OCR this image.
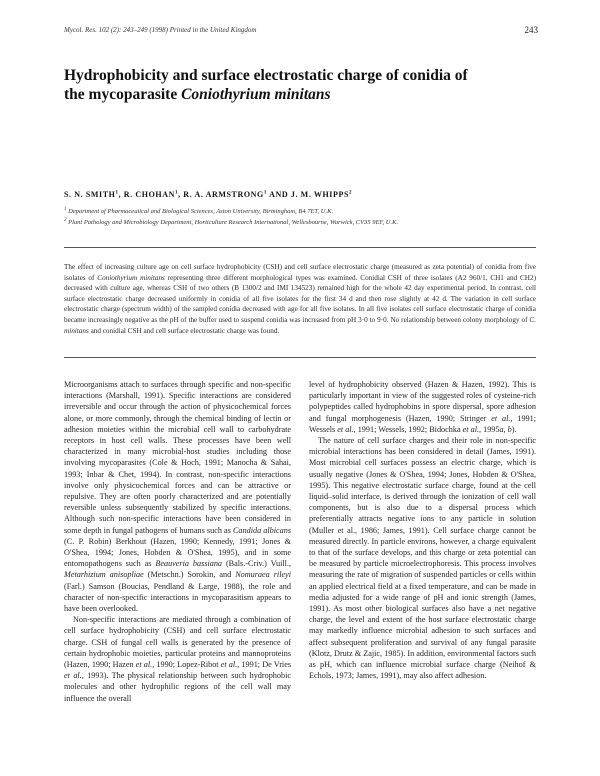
Mycol. Res. 102 (2): 243–249 (1998) Printed in the United Kingdom	243
Hydrophobicity and surface electrostatic charge of conidia of
the mycoparasite Coniothyrium minitans
S. N. SMITH$^1$, R. CHOHAN$^1$, R. A. ARMSTRONG$^1$ AND J. M. WHIPPS$^2$
$^1$ Department of Pharmaceutical and Biological Sciences, Aston University, Birmingham, B4 7ET, U.K.
$^2$ Plant Pathology and Microbiology Department, Horticulture Research International, Wellesbourne, Warwick, CV35 9EF, U.K.
The effect of increasing culture age on cell surface hydrophobicity (CSH) and cell surface electrostatic charge (measured as zeta potential) of conidia from five isolates of Coniothyrium minitans representing three different morphological types was examined. Conidial CSH of three isolates (A2 960/1, CH1 and CH2) decreased with culture age, whereas CSH of two others (B 1300/2 and IMI 134523) remained high for the whole 42 day experimental period. In contrast, cell surface electrostatic charge decreased uniformly in conidia of all five isolates for the first 34 d and then rose slightly at 42 d. The variation in cell surface electrostatic charge (spectrum width) of the sampled conidia decreased with age for all five isolates. In all five isolates cell surface electrostatic charge of conidia became increasingly negative as the pH of the buffer used to suspend conidia was increased from pH 3·0 to 9·0. No relationship between colony morphology of C. minitans and conidial CSH and cell surface electrostatic charge was found.

Microorganisms attach to surfaces through specific and non-specific interactions (Marshall, 1991). Specific interactions are considered irreversible and occur through the action of physicochemical forces alone, or more commonly, through the chemical binding of lectin or adhesion moieties within the microbial cell wall to carbohydrate receptors in host cell walls. These processes have been well characterized in many microbial-host studies including those involving mycoparasites (Cole & Hoch, 1991; Manocha & Sahai, 1993; Inbar & Chet, 1994). In contrast, non-specific interactions involve only physicochemical forces and can be attractive or repulsive. They are often poorly characterized and are potentially reversible unless subsequently stabilized by specific interactions. Although such non-specific interactions have been considered in some depth in fungal pathogens of humans such as Candida albicans (C. P. Robin) Berkhout (Hazen, 1990; Kennedy, 1991; Jones & O'Shea, 1994; Jones, Hobden & O'Shea, 1995), and in some entomopathogens such as Beauveria bassiana (Bals.-Criv.) Vuill., Metarhizium anisopliae (Metschn.) Sorokin, and Nomuraea rileyi (Farl.) Samson (Boucias, Pendland & Large, 1988), the role and character of non-specific interactions in mycoparasitism appears to have been overlooked.

Non-specific interactions are mediated through a combination of cell surface hydrophobicity (CSH) and cell surface electrostatic charge. CSH of fungal cell walls is generated by the presence of certain hydrophobic moieties, particular proteins and mannoproteins (Hazen, 1990; Hazen et al., 1990; Lopez-Ribot et al., 1991; De Vries et al., 1993). The physical relationship between such hydrophobic molecules and other hydrophilic regions of the cell wall may influence the overall

level of hydrophobicity observed (Hazen & Hazen, 1992). This is particularly important in view of the suggested roles of cysteine-rich polypeptides called hydrophobins in spore dispersal, spore adhesion and fungal morphogenesis (Hazen, 1990; Stringer et al., 1991; Wessels et al., 1991; Wessels, 1992; Bidochka et al., 1995a, b).

The nature of cell surface charges and their role in non-specific microbial interactions has been considered in detail (James, 1991). Most microbial cell surfaces possess an electric charge, which is usually negative (Jones & O'Shea, 1994; Jones, Hobden & O'Shea, 1995). This negative electrostatic surface charge, found at the cell liquid–solid interface, is derived through the ionization of cell wall components, but is also due to a dispersal process which preferentially attracts negative ions to any particle in solution (Muller et al., 1986; James, 1991). Cell surface charge cannot be measured directly. In particle environs, however, a charge equivalent to that of the surface develops, and this charge or zeta potential can be measured by particle microelectrophoresis. This process involves measuring the rate of migration of suspended particles or cells within an applied electrical field at a fixed temperature, and can be made in media adjusted for a wide range of pH and ionic strength (James, 1991). As most other biological surfaces also have a net negative charge, the level and extent of the host surface electrostatic charge may markedly influence microbial adhesion to such surfaces and affect subsequent proliferation and survival of any fungal parasite (Klotz, Drutz & Zajic, 1985). In addition, environmental factors such as pH, which can influence microbial surface charge (Neihof & Echols, 1973; James, 1991), may also affect adhesion.
